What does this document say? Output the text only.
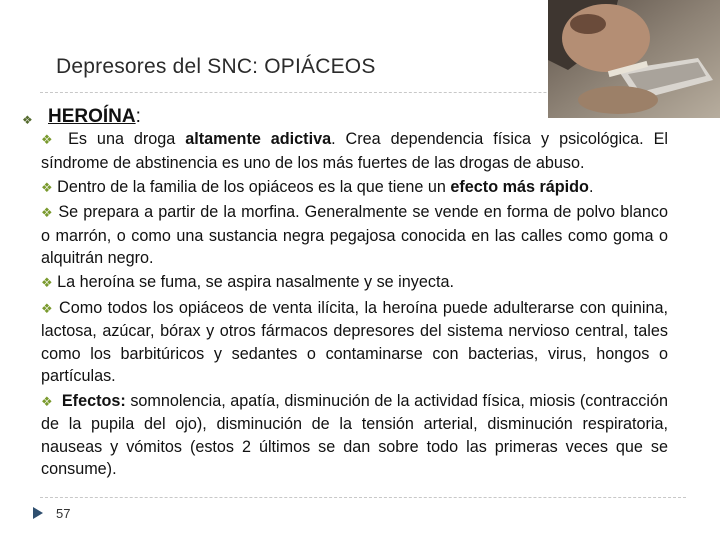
Depresores del SNC: OPIÁCEOS
❖ HEROÍNA:

❖ Es una droga altamente adictiva. Crea dependencia física y psicológica. El síndrome de abstinencia es uno de los más fuertes de las drogas de abuso.

❖ Dentro de la familia de los opiáceos es la que tiene un efecto más rápido.

❖ Se prepara a partir de la morfina. Generalmente se vende en forma de polvo blanco o marrón, o como una sustancia negra pegajosa conocida en las calles como goma o alquitrán negro.

❖ La heroína se fuma, se aspira nasalmente y se inyecta.

❖ Como todos los opiáceos de venta ilícita, la heroína puede adulterarse con quinina, lactosa, azúcar, bórax y otros fármacos depresores del sistema nervioso central, tales como los barbitúricos y sedantes o contaminarse con bacterias, virus, hongos o partículas.

❖ Efectos: somnolencia, apatía, disminución de la actividad física, miosis (contracción de la pupila del ojo), disminución de la tensión arterial, disminución respiratoria, nauseas y vómitos (estos 2 últimos se dan sobre todo las primeras veces que se consume).

57
